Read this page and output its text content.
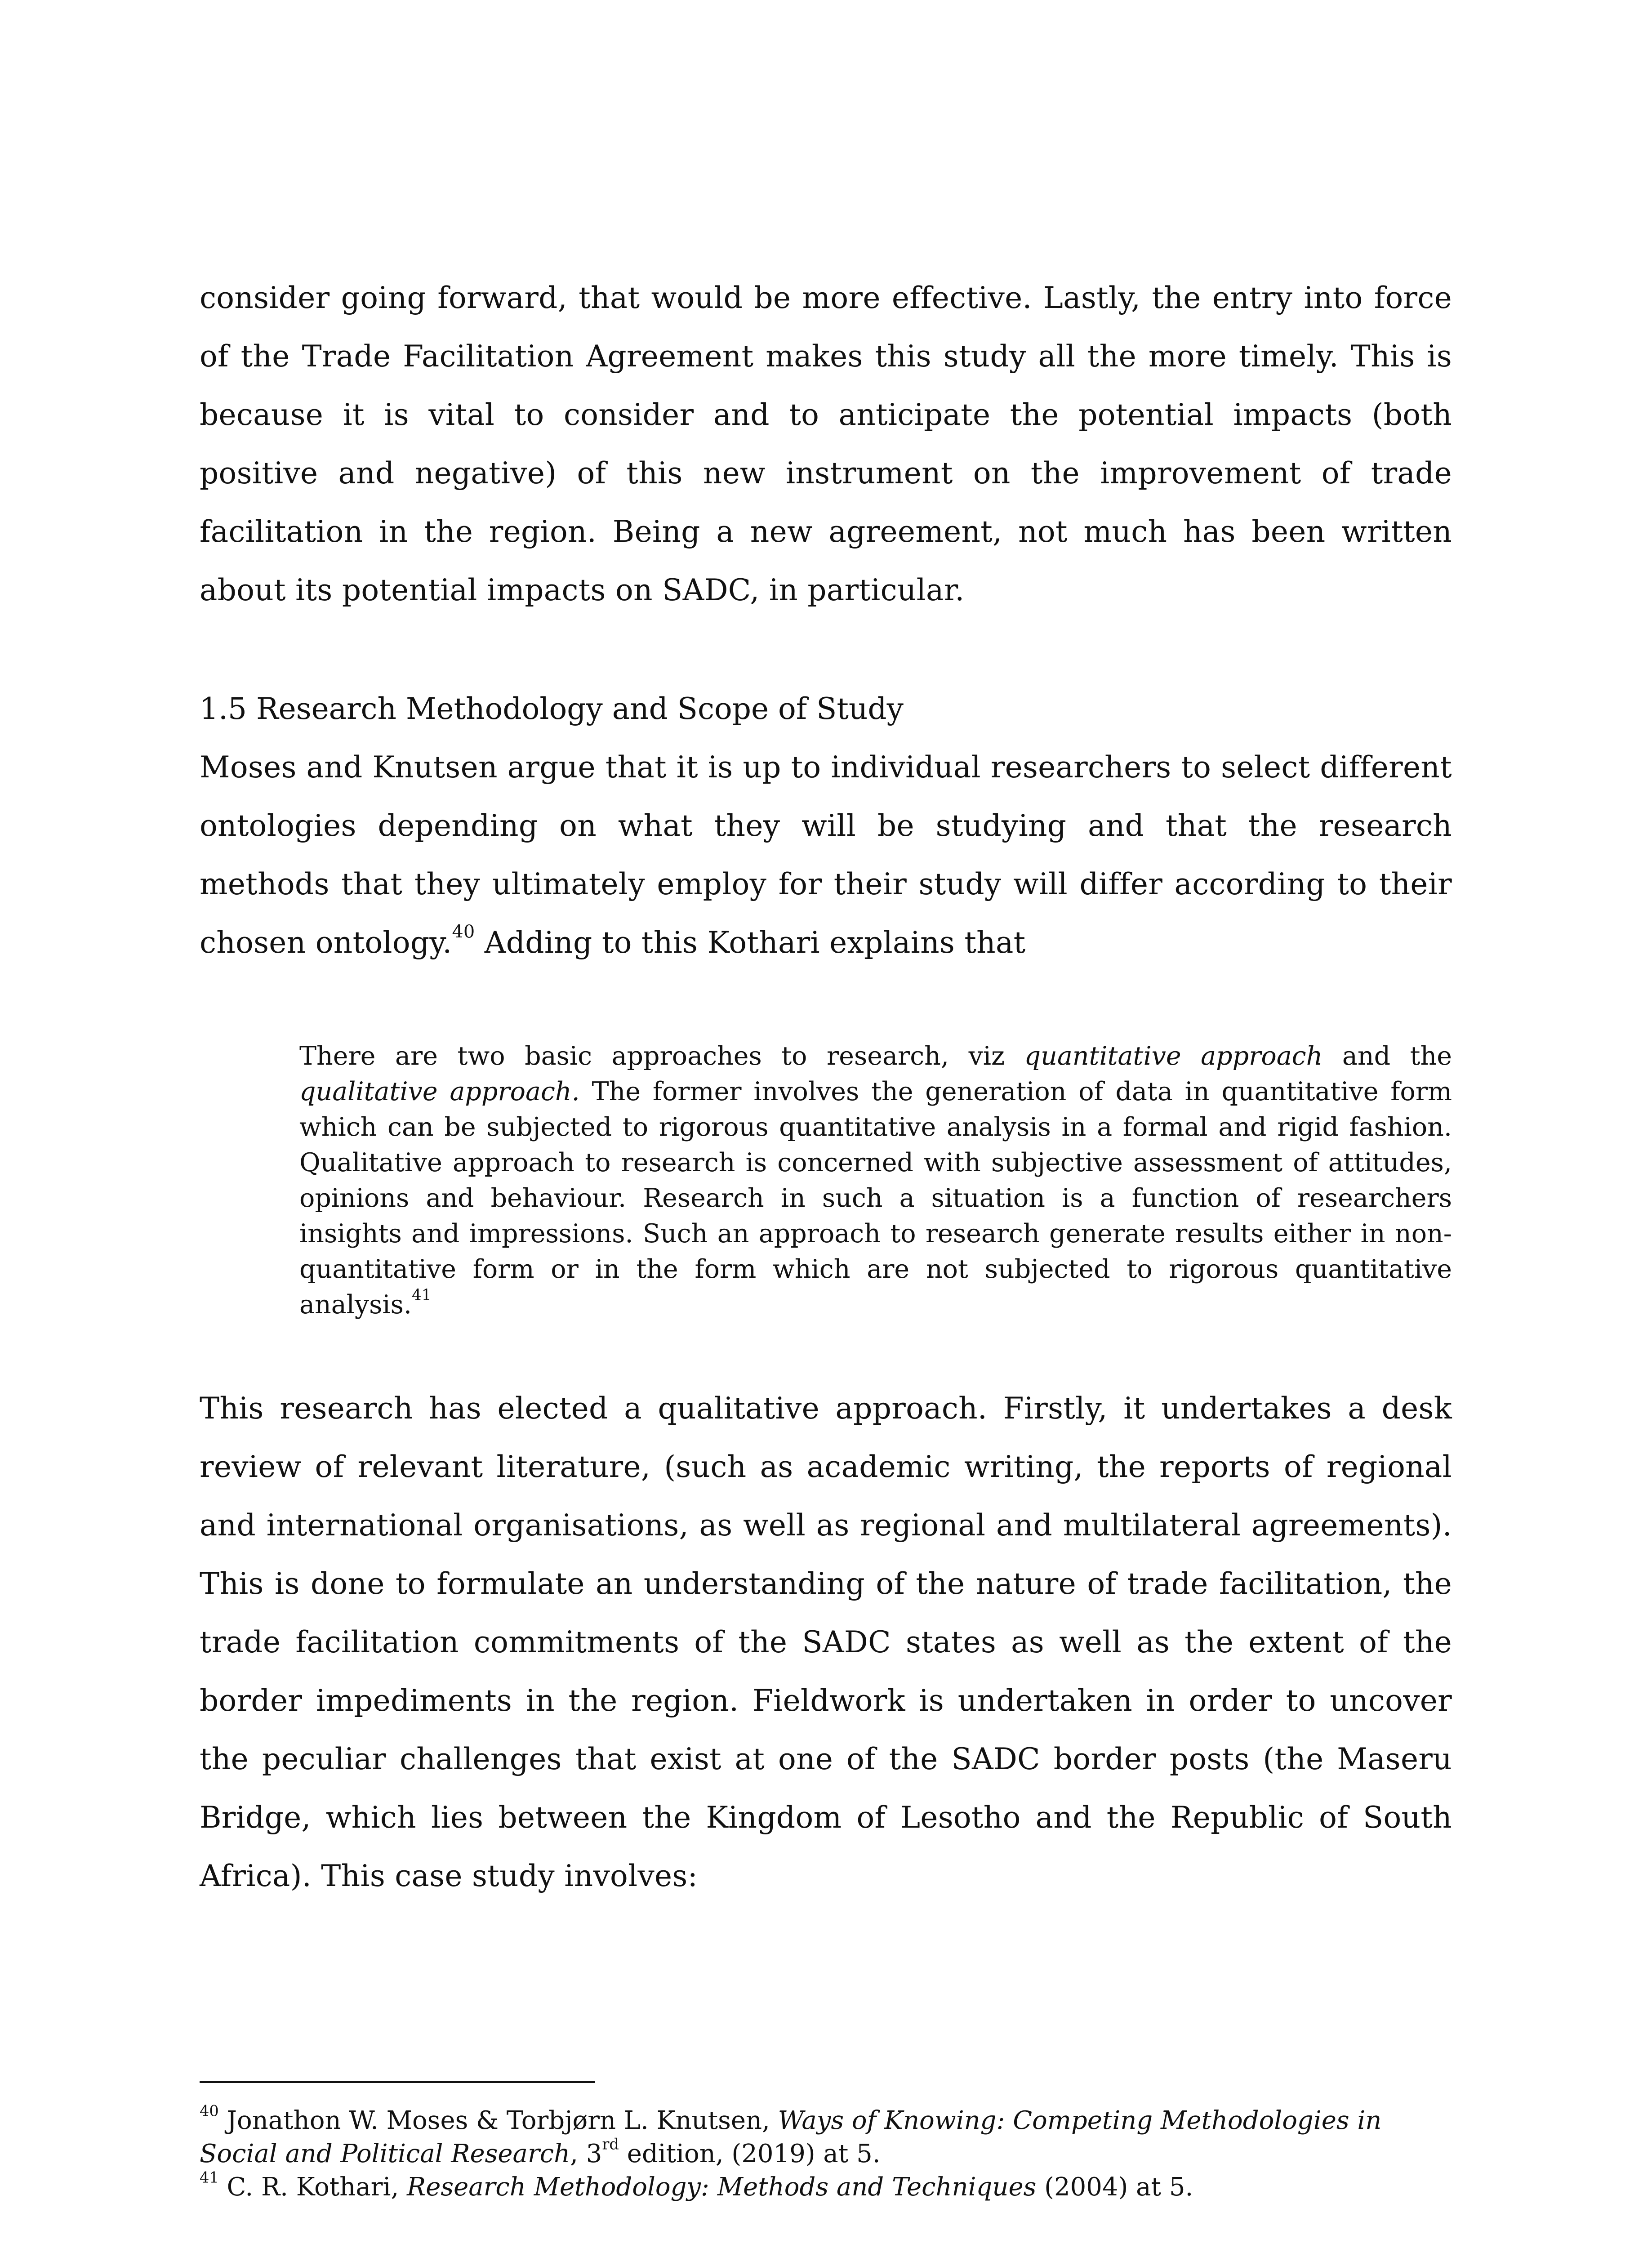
consider going forward, that would be more effective. Lastly, the entry into force of the Trade Facilitation Agreement makes this study all the more timely. This is because it is vital to consider and to anticipate the potential impacts (both positive and negative) of this new instrument on the improvement of trade facilitation in the region. Being a new agreement, not much has been written about its potential impacts on SADC, in particular.

1.5 Research Methodology and Scope of Study

Moses and Knutsen argue that it is up to individual researchers to select different ontologies depending on what they will be studying and that the research methods that they ultimately employ for their study will differ according to their chosen ontology.$^{40}$ Adding to this Kothari explains that

There are two basic approaches to research, viz quantitative approach and the qualitative approach. The former involves the generation of data in quantitative form which can be subjected to rigorous quantitative analysis in a formal and rigid fashion. Qualitative approach to research is concerned with subjective assessment of attitudes, opinions and behaviour. Research in such a situation is a function of researchers insights and impressions. Such an approach to research generate results either in non-quantitative form or in the form which are not subjected to rigorous quantitative analysis.$^{41}$

This research has elected a qualitative approach. Firstly, it undertakes a desk review of relevant literature, (such as academic writing, the reports of regional and international organisations, as well as regional and multilateral agreements). This is done to formulate an understanding of the nature of trade facilitation, the trade facilitation commitments of the SADC states as well as the extent of the border impediments in the region. Fieldwork is undertaken in order to uncover the peculiar challenges that exist at one of the SADC border posts (the Maseru Bridge, which lies between the Kingdom of Lesotho and the Republic of South Africa). This case study involves:

$^{40}$ Jonathon W. Moses & Torbjørn L. Knutsen, Ways of Knowing: Competing Methodologies in Social and Political Research, 3rd edition, (2019) at 5.

$^{41}$ C. R. Kothari, Research Methodology: Methods and Techniques (2004) at 5.
